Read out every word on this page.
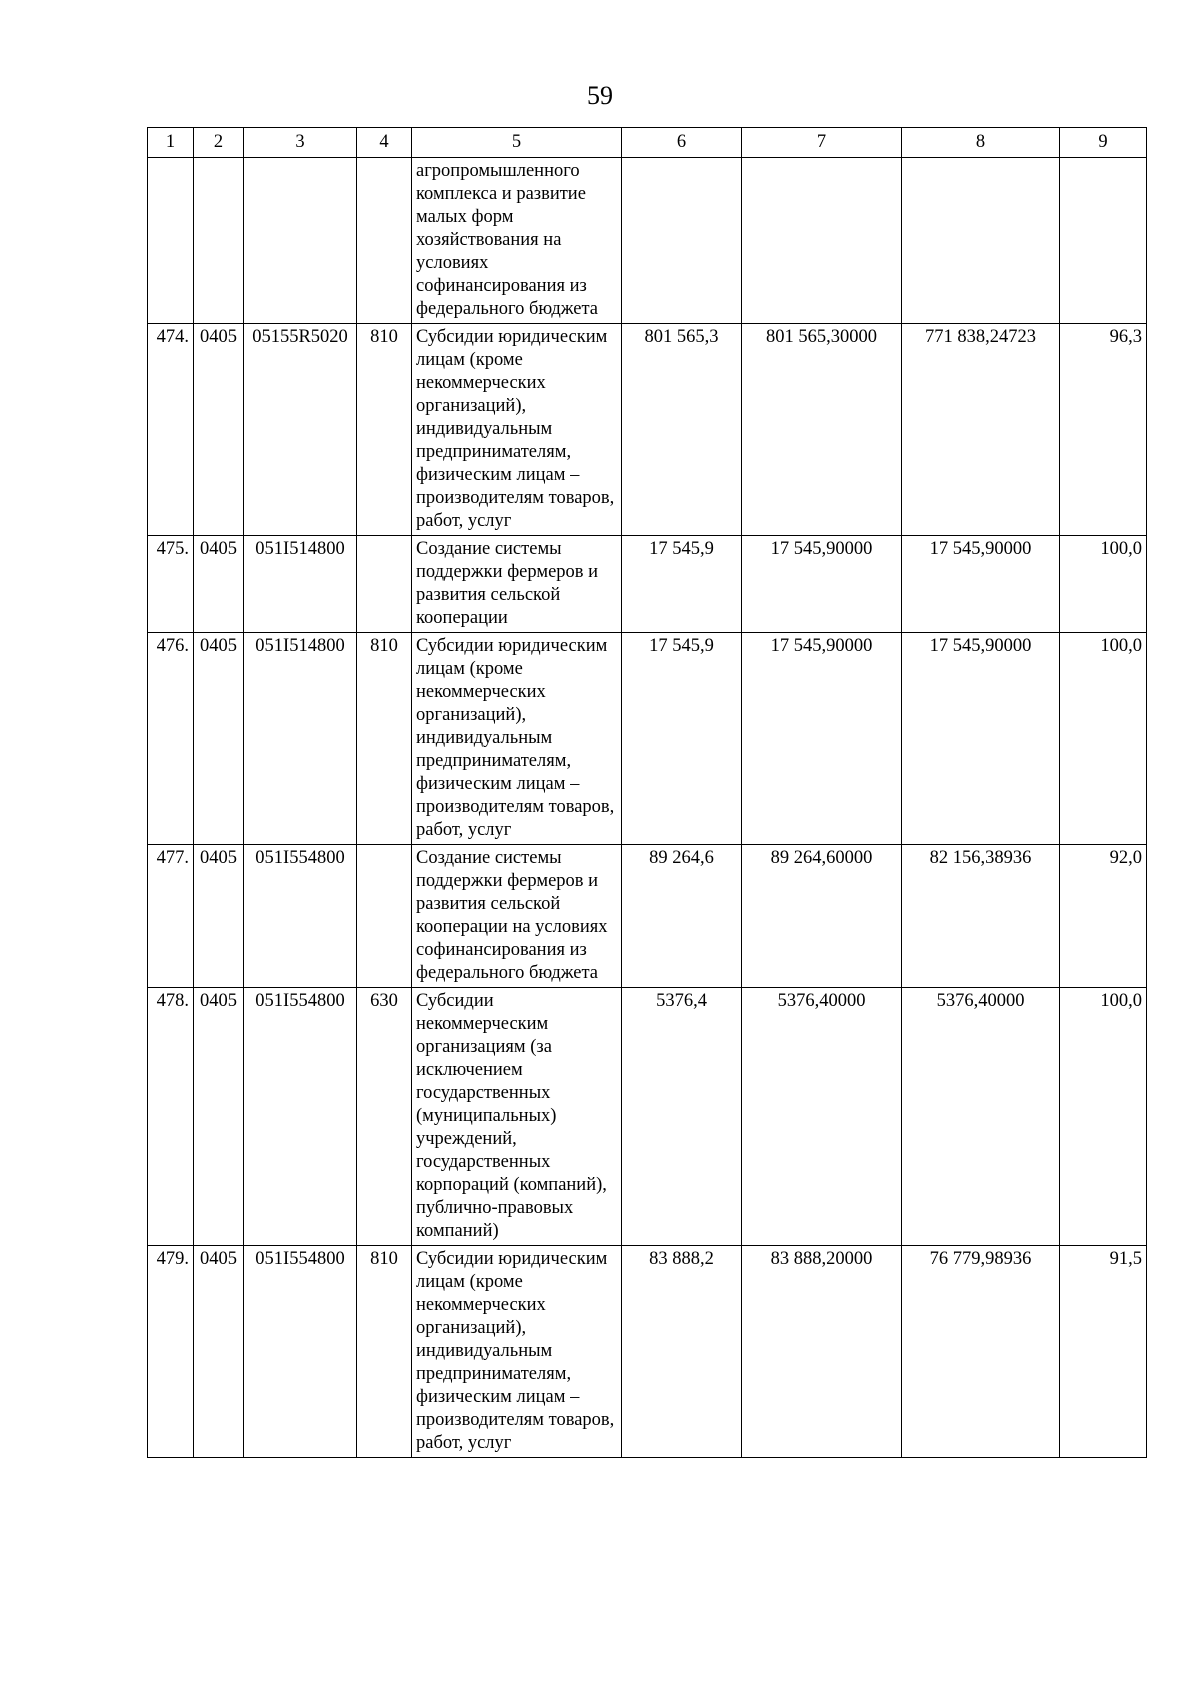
59
1	2	3	4	5	6	7	8	9
				агропромышленного комплекса и развитие малых форм хозяйствования на условиях софинансирования из федерального бюджета				
474.	0405	05155R5020	810	Субсидии юридическим лицам (кроме некоммерческих организаций), индивидуальным предпринимателям, физическим лицам – производителям товаров, работ, услуг	801 565,3	801 565,30000	771 838,24723	96,3
475.	0405	051I514800		Создание системы поддержки фермеров и развития сельской кооперации	17 545,9	17 545,90000	17 545,90000	100,0
476.	0405	051I514800	810	Субсидии юридическим лицам (кроме некоммерческих организаций), индивидуальным предпринимателям, физическим лицам – производителям товаров, работ, услуг	17 545,9	17 545,90000	17 545,90000	100,0
477.	0405	051I554800		Создание системы поддержки фермеров и развития сельской кооперации на условиях софинансирования из федерального бюджета	89 264,6	89 264,60000	82 156,38936	92,0
478.	0405	051I554800	630	Субсидии некоммерческим организациям (за исключением государственных (муниципальных) учреждений, государственных корпораций (компаний), публично-правовых компаний)	5376,4	5376,40000	5376,40000	100,0
479.	0405	051I554800	810	Субсидии юридическим лицам (кроме некоммерческих организаций), индивидуальным предпринимателям, физическим лицам – производителям товаров, работ, услуг	83 888,2	83 888,20000	76 779,98936	91,5
